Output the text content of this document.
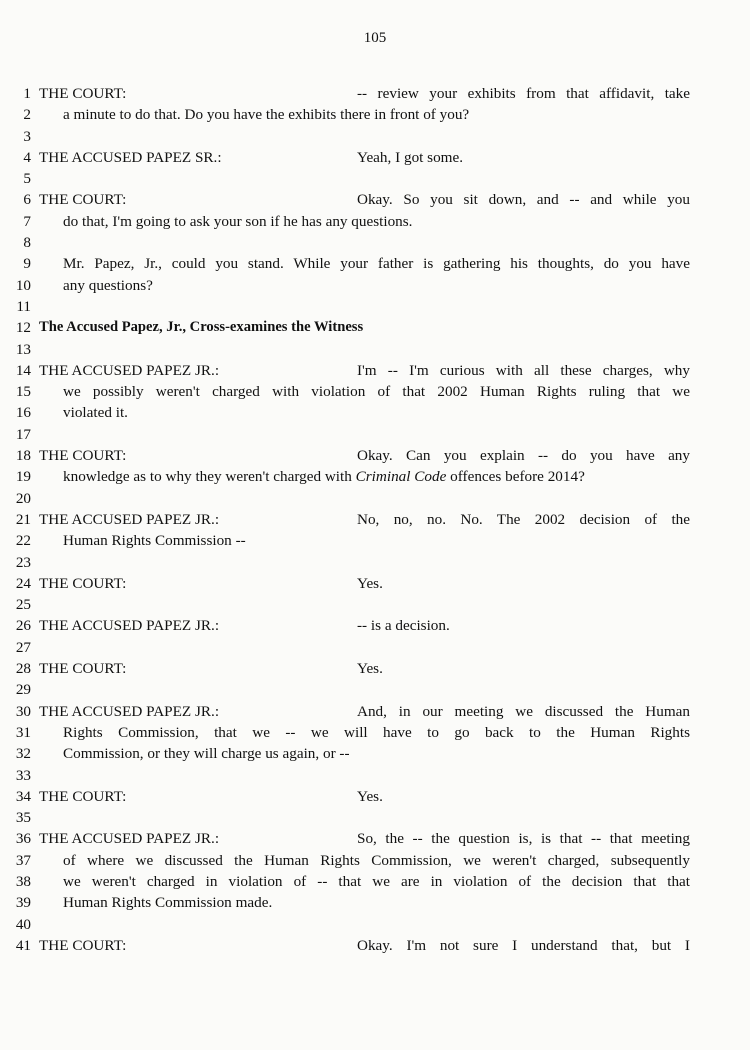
105
1 THE COURT:	-- review your exhibits from that affidavit, take
2 a minute to do that. Do you have the exhibits there in front of you?
3
4 THE ACCUSED PAPEZ SR.:	Yeah, I got some.
5
6 THE COURT:	Okay. So you sit down, and -- and while you
7 do that, I'm going to ask your son if he has any questions.
8
9 Mr. Papez, Jr., could you stand. While your father is gathering his thoughts, do you have
10 any questions?
11
12 The Accused Papez, Jr., Cross-examines the Witness
13
14 THE ACCUSED PAPEZ JR.:	I'm -- I'm curious with all these charges, why
15 we possibly weren't charged with violation of that 2002 Human Rights ruling that we
16 violated it.
17
18 THE COURT:	Okay. Can you explain -- do you have any
19 knowledge as to why they weren't charged with Criminal Code offences before 2014?
20
21 THE ACCUSED PAPEZ JR.:	No, no, no. No. The 2002 decision of the
22 Human Rights Commission --
23
24 THE COURT:	Yes.
25
26 THE ACCUSED PAPEZ JR.:	-- is a decision.
27
28 THE COURT:	Yes.
29
30 THE ACCUSED PAPEZ JR.:	And, in our meeting we discussed the Human
31 Rights Commission, that we -- we will have to go back to the Human Rights
32 Commission, or they will charge us again, or --
33
34 THE COURT:	Yes.
35
36 THE ACCUSED PAPEZ JR.:	So, the -- the question is, is that -- that meeting
37 of where we discussed the Human Rights Commission, we weren't charged, subsequently
38 we weren't charged in violation of -- that we are in violation of the decision that that
39 Human Rights Commission made.
40
41 THE COURT:	Okay. I'm not sure I understand that, but I
